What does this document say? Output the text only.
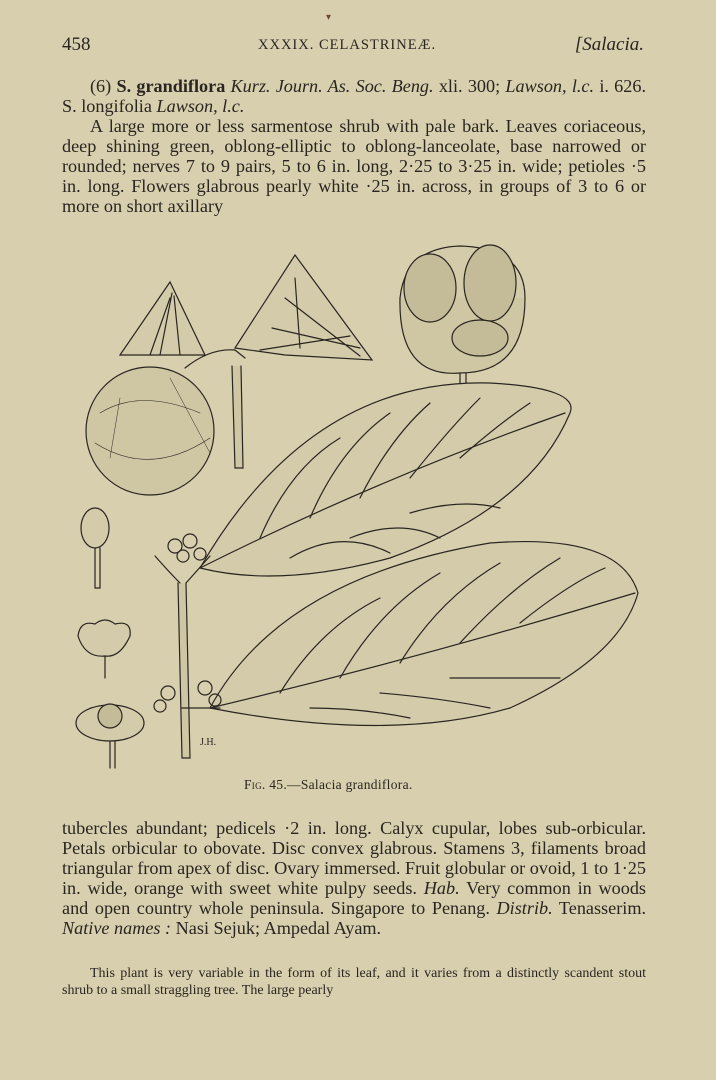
▾
458	XXXIX. CELASTRINEÆ.	[Salacia.

(6) S. grandiflora Kurz. Journ. As. Soc. Beng. xli. 300; Lawson, l.c. i. 626. S. longifolia Lawson, l.c.

A large more or less sarmentose shrub with pale bark. Leaves coriaceous, deep shining green, oblong-elliptic to oblong-lanceolate, base narrowed or rounded; nerves 7 to 9 pairs, 5 to 6 in. long, 2·25 to 3·25 in. wide; petioles ·5 in. long. Flowers glabrous pearly white ·25 in. across, in groups of 3 to 6 or more on short axillary

J.H.
Fig. 45.—Salacia grandiflora.

tubercles abundant; pedicels ·2 in. long. Calyx cupular, lobes sub-orbicular. Petals orbicular to obovate. Disc convex glabrous. Stamens 3, filaments broad triangular from apex of disc. Ovary immersed. Fruit globular or ovoid, 1 to 1·25 in. wide, orange with sweet white pulpy seeds. Hab. Very common in woods and open country whole peninsula. Singapore to Penang. Distrib. Tenasserim. Native names : Nasi Sejuk; Ampedal Ayam.

This plant is very variable in the form of its leaf, and it varies from a distinctly scandent stout shrub to a small straggling tree. The large pearly
